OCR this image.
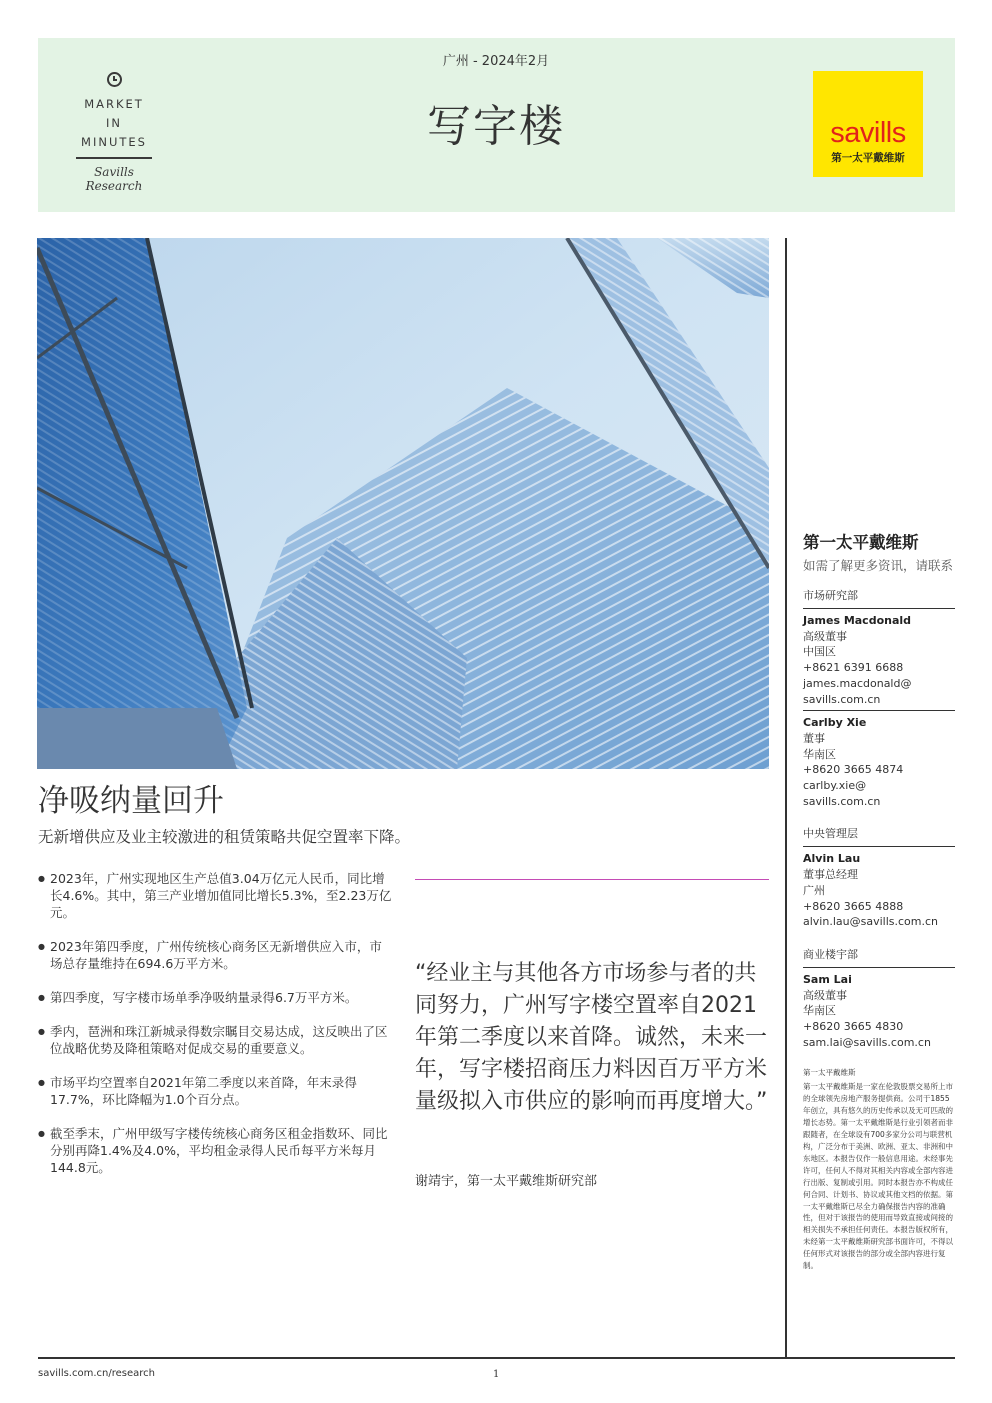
MARKET
IN
MINUTES
Savills Research
广州 - 2024年2月
写字楼	savills
第一太平戴维斯
净吸纳量回升
无新增供应及业主较激进的租赁策略共促空置率下降。
● 2023年，广州实现地区生产总值3.04万亿元人民币，同比增长4.6%。其中，第三产业增加值同比增长5.3%，至2.23万亿元。
● 2023年第四季度，广州传统核心商务区无新增供应入市，市场总存量维持在694.6万平方米。
● 第四季度，写字楼市场单季净吸纳量录得6.7万平方米。
● 季内，琶洲和珠江新城录得数宗瞩目交易达成，这反映出了区位战略优势及降租策略对促成交易的重要意义。
● 市场平均空置率自2021年第二季度以来首降，年末录得17.7%，环比降幅为1.0个百分点。
● 截至季末，广州甲级写字楼传统核心商务区租金指数环、同比分别再降1.4%及4.0%，平均租金录得人民币每平方米每月144.8元。
“经业主与其他各方市场参与者的共同努力，广州写字楼空置率自2021年第二季度以来首降。诚然，未来一年，写字楼招商压力料因百万平方米量级拟入市供应的影响而再度增大。”
谢靖宇，第一太平戴维斯研究部
第一太平戴维斯
如需了解更多资讯，请联系
市场研究部
James Macdonald
高级董事
中国区
+8621 6391 6688
james.macdonald@
savills.com.cn
Carlby Xie
董事
华南区
+8620 3665 4874
carlby.xie@
savills.com.cn
中央管理层
Alvin Lau
董事总经理
广州
+8620 3665 4888
alvin.lau@savills.com.cn
商业楼宇部
Sam Lai
高级董事
华南区
+8620 3665 4830
sam.lai@savills.com.cn
第一太平戴维斯
第一太平戴维斯是一家在伦敦股票交易所上市的全球领先房地产服务提供商。公司于1855年创立，具有悠久的历史传承以及无可匹敌的增长态势。第一太平戴维斯是行业引领者而非跟随者，在全球设有700多家分公司与联营机构，广泛分布于美洲、欧洲、亚太、非洲和中东地区。本报告仅作一般信息用途。未经事先许可，任何人不得对其相关内容或全部内容进行出版、复制或引用。同时本报告亦不构成任何合同、计划书、协议或其他文档的依据。第一太平戴维斯已尽全力确保报告内容的准确性，但对于该报告的使用而导致直接或间接的相关损失不承担任何责任。本报告版权所有，未经第一太平戴维斯研究部书面许可，不得以任何形式对该报告的部分或全部内容进行复制。
savills.com.cn/research	1
